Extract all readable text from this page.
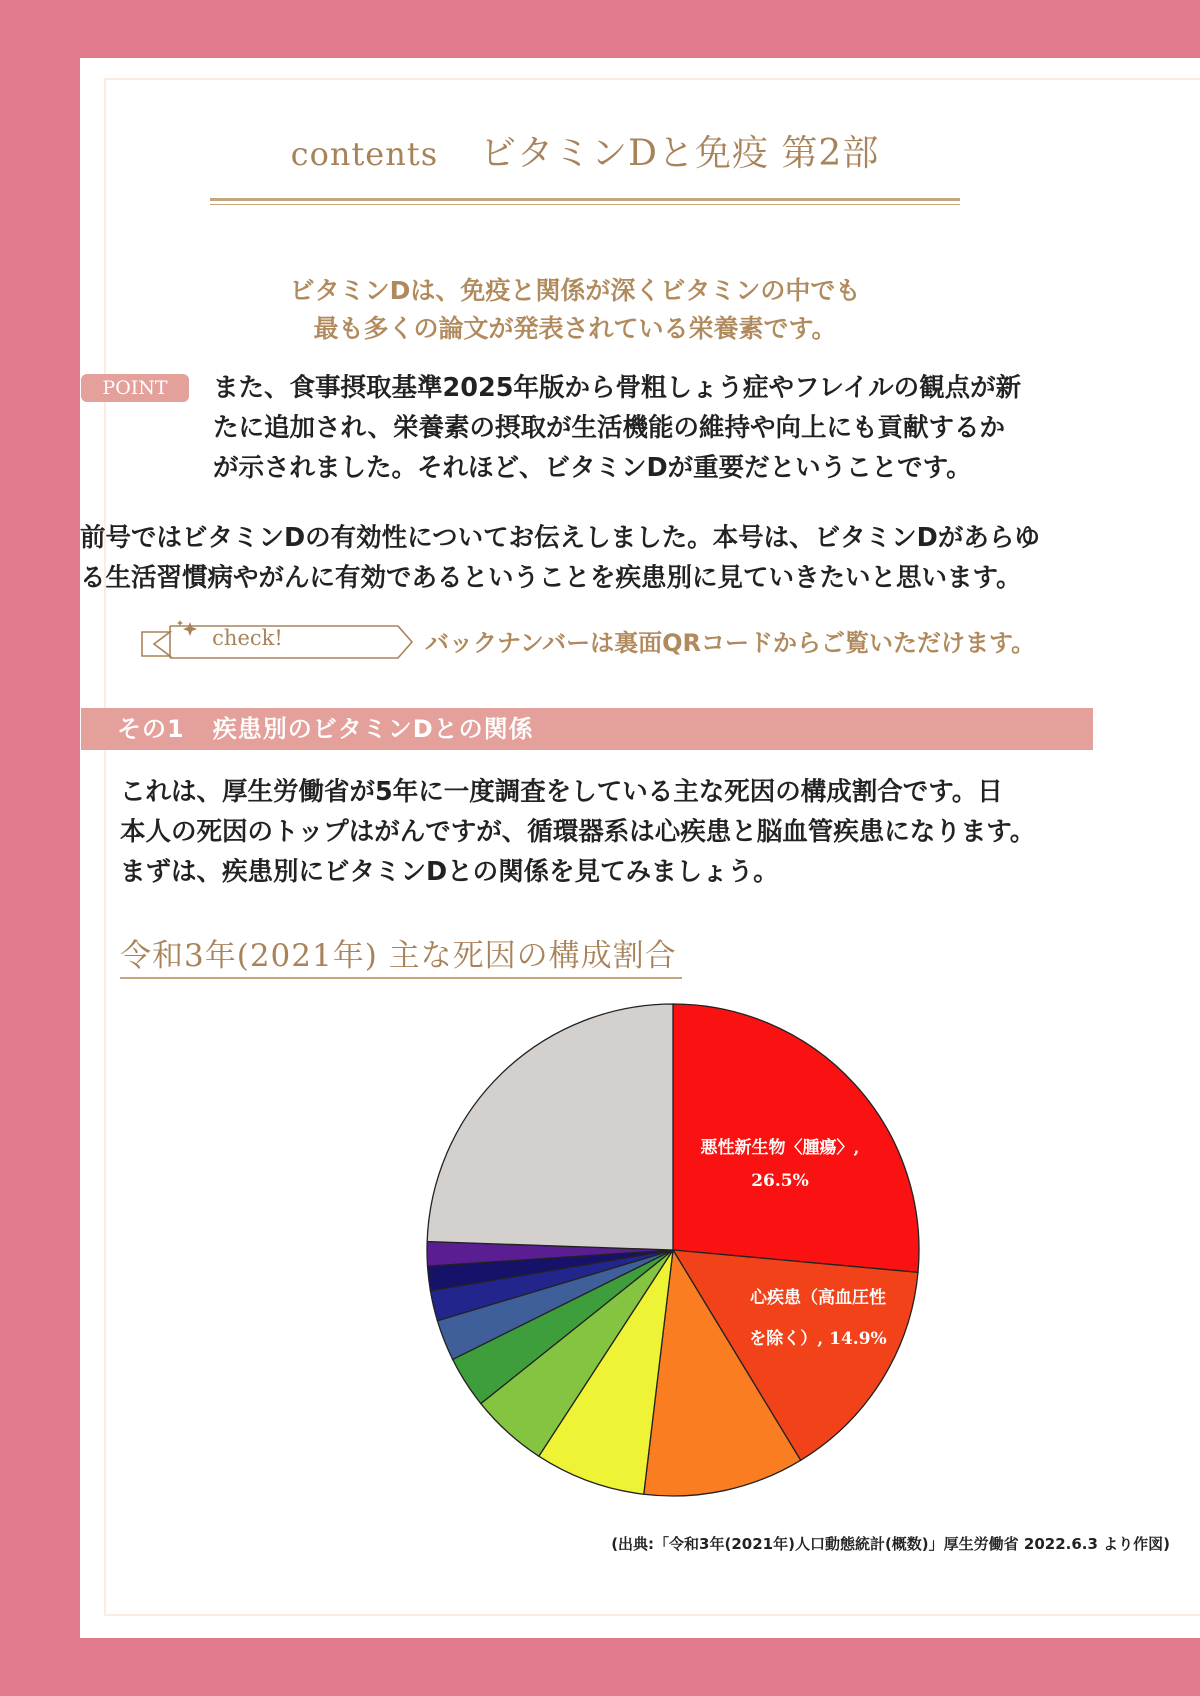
contents ビタミンDと免疫 第2部
ビタミンDは、免疫と関係が深くビタミンの中でも
最も多くの論文が発表されている栄養素です。
POINT	また、食事摂取基準2025年版から骨粗しょう症やフレイルの観点が新
たに追加され、栄養素の摂取が生活機能の維持や向上にも貢献するか
が示されました。それほど、ビタミンDが重要だということです。
前号ではビタミンDの有効性についてお伝えしました。本号は、ビタミンDがあらゆ
る生活習慣病やがんに有効であるということを疾患別に見ていきたいと思います。
check!	バックナンバーは裏面QRコードからご覧いただけます。
その1 疾患別のビタミンDとの関係
これは、厚生労働省が5年に一度調査をしている主な死因の構成割合です。日
本人の死因のトップはがんですが、循環器系は心疾患と脳血管疾患になります。
まずは、疾患別にビタミンDとの関係を見てみましょう。
令和3年(2021年) 主な死因の構成割合
悪性新生物〈腫瘍〉,
26.5%
心疾患（高血圧性
を除く）, 14.9%
(出典:「令和3年(2021年)人口動態統計(概数)」厚生労働省 2022.6.3 より作図)
